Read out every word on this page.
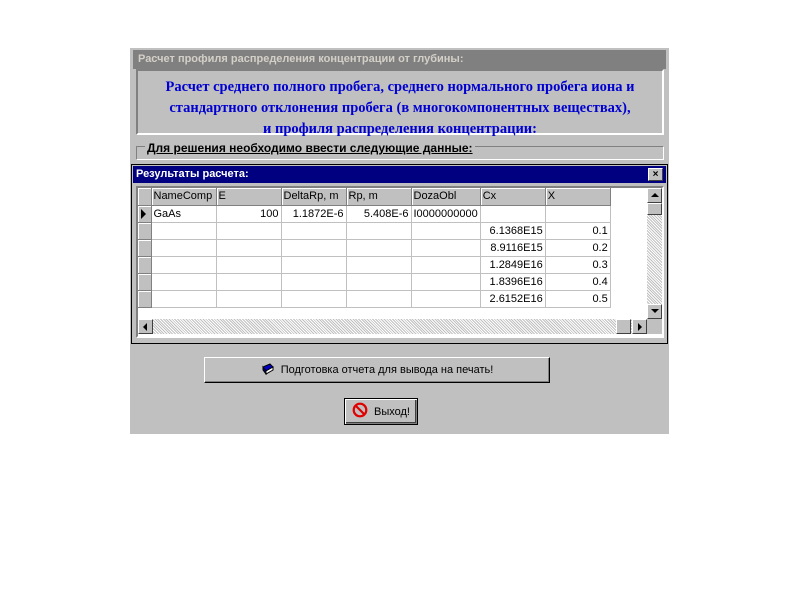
Расчет профиля распределения концентрации от глубины:
Расчет среднего полного пробега, среднего нормального пробега иона и
стандартного отклонения пробега (в многокомпонентных веществах),
и профиля распределения концентрации:
Для решения необходимо ввести следующие данные:
Результаты расчета:	×
	NameComp	E	DeltaRp, m	Rp, m	DozaObl	Cx	X

	GaAs	100	1.1872E-6	5.408E-6	I0000000000		
						6.1368E15	0.1
						8.9116E15	0.2
						1.2849E16	0.3
						1.8396E16	0.4
						2.6152E16	0.5
Подготовка отчета для вывода на печать!
Выход!
